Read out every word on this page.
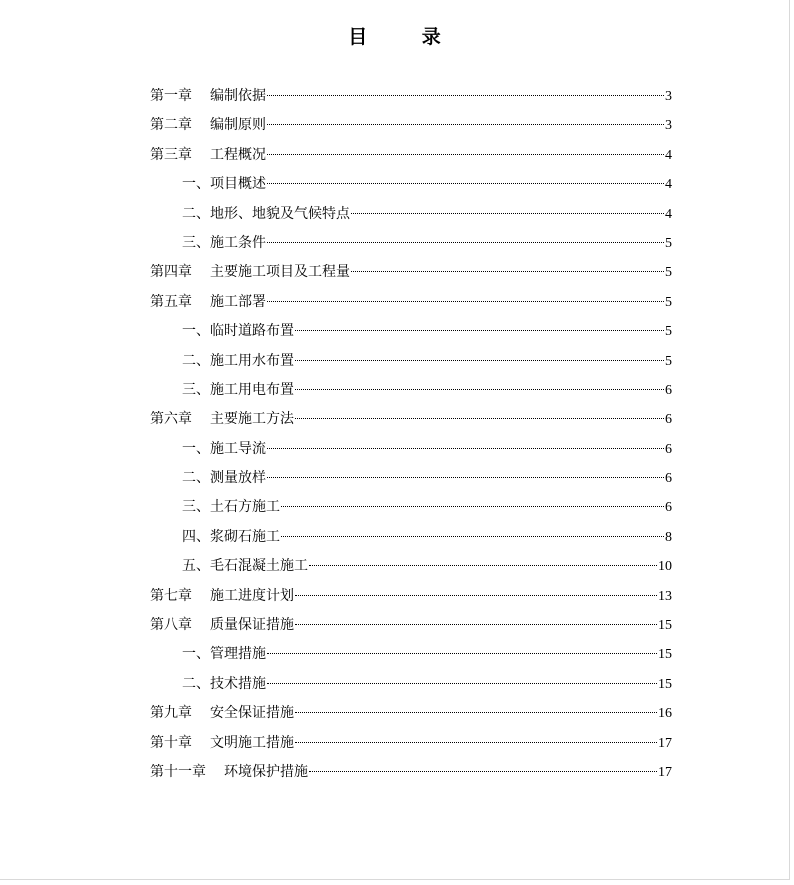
目 录
第一章 编制依据	3
第二章 编制原则	3
第三章 工程概况	4
一、项目概述	4
二、地形、地貌及气候特点	4
三、施工条件	5
第四章 主要施工项目及工程量	5
第五章 施工部署	5
一、临时道路布置	5
二、施工用水布置	5
三、施工用电布置	6
第六章 主要施工方法	6
一、施工导流	6
二、测量放样	6
三、土石方施工	6
四、浆砌石施工	8
五、毛石混凝土施工	10
第七章 施工进度计划	13
第八章 质量保证措施	15
一、管理措施	15
二、技术措施	15
第九章 安全保证措施	16
第十章 文明施工措施	17
第十一章 环境保护措施	17
